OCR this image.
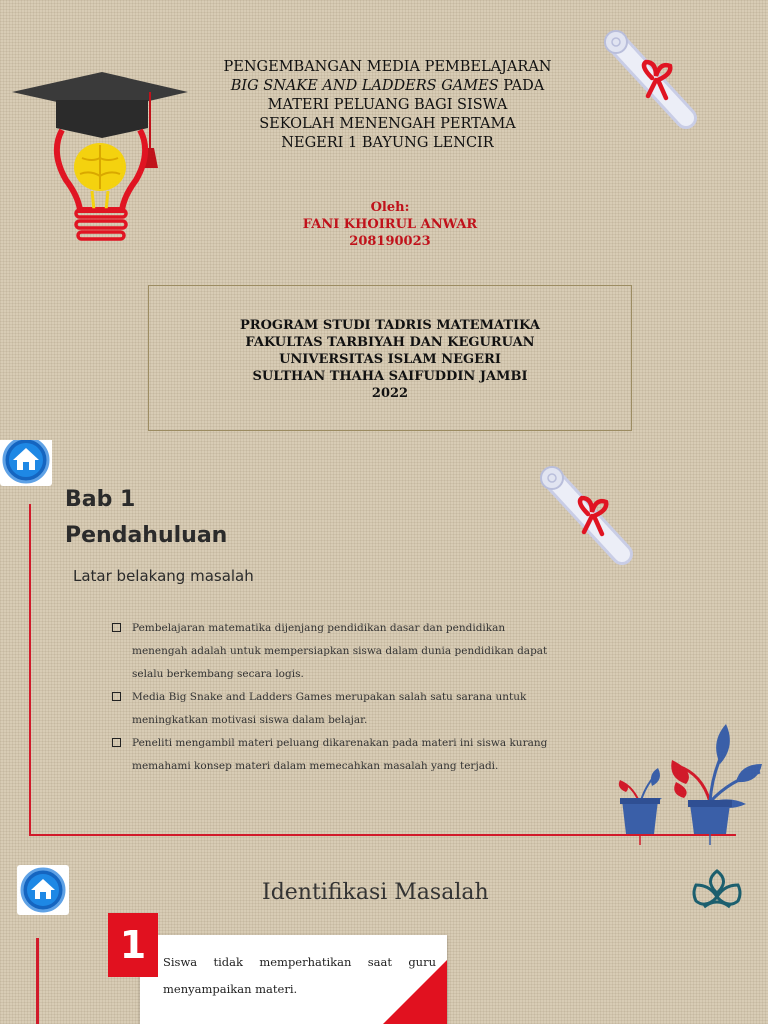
PENGEMBANGAN MEDIA PEMBELAJARAN
BIG SNAKE AND LADDERS GAMES PADA
MATERI PELUANG BAGI SISWA
SEKOLAH MENENGAH PERTAMA
NEGERI 1 BAYUNG LENCIR
Oleh:
FANI KHOIRUL ANWAR
208190023
PROGRAM STUDI TADRIS MATEMATIKA
FAKULTAS TARBIYAH DAN KEGURUAN
UNIVERSITAS ISLAM NEGERI
SULTHAN THAHA SAIFUDDIN JAMBI
2022
Bab 1
Pendahuluan
Latar belakang masalah
Pembelajaran matematika dijenjang pendidikan dasar dan pendidikan menengah adalah untuk mempersiapkan siswa dalam dunia pendidikan dapat selalu berkembang secara logis.
Media Big Snake and Ladders Games merupakan salah satu sarana untuk meningkatkan motivasi siswa dalam belajar.
Peneliti mengambil materi peluang dikarenakan pada materi ini siswa kurang memahami konsep materi dalam memecahkan masalah yang terjadi.
Identifikasi Masalah
Siswa tidak memperhatikan saat guru menyampaikan materi.
1
